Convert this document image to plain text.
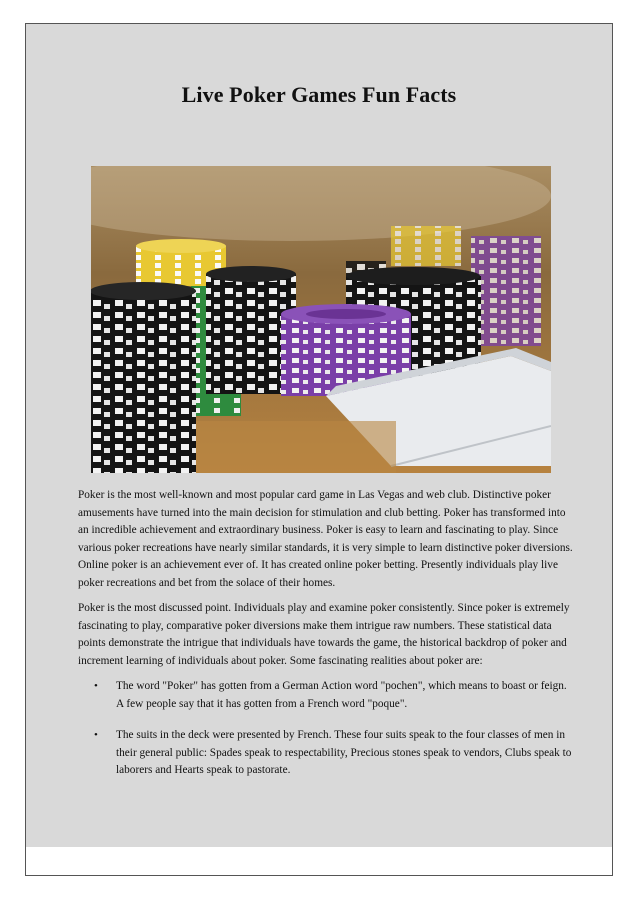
Live Poker Games Fun Facts

Poker is the most well-known and most popular card game in Las Vegas and web club. Distinctive poker amusements have turned into the main decision for stimulation and club betting. Poker has transformed into an incredible achievement and extraordinary business. Poker is easy to learn and fascinating to play. Since various poker recreations have nearly similar standards, it is very simple to learn distinctive poker diversions. Online poker is an achievement ever of. It has created online poker betting. Presently individuals play live poker recreations and bet from the solace of their homes.

Poker is the most discussed point. Individuals play and examine poker consistently. Since poker is extremely fascinating to play, comparative poker diversions make them intrigue raw numbers. These statistical data points demonstrate the intrigue that individuals have towards the game, the historical backdrop of poker and increment learning of individuals about poker. Some fascinating realities about poker are:

• The word "Poker" has gotten from a German Action word "pochen", which means to boast or feign. A few people say that it has gotten from a French word "poque".
• The suits in the deck were presented by French. These four suits speak to the four classes of men in their general public: Spades speak to respectability, Precious stones speak to vendors, Clubs speak to laborers and Hearts speak to pastorate.
